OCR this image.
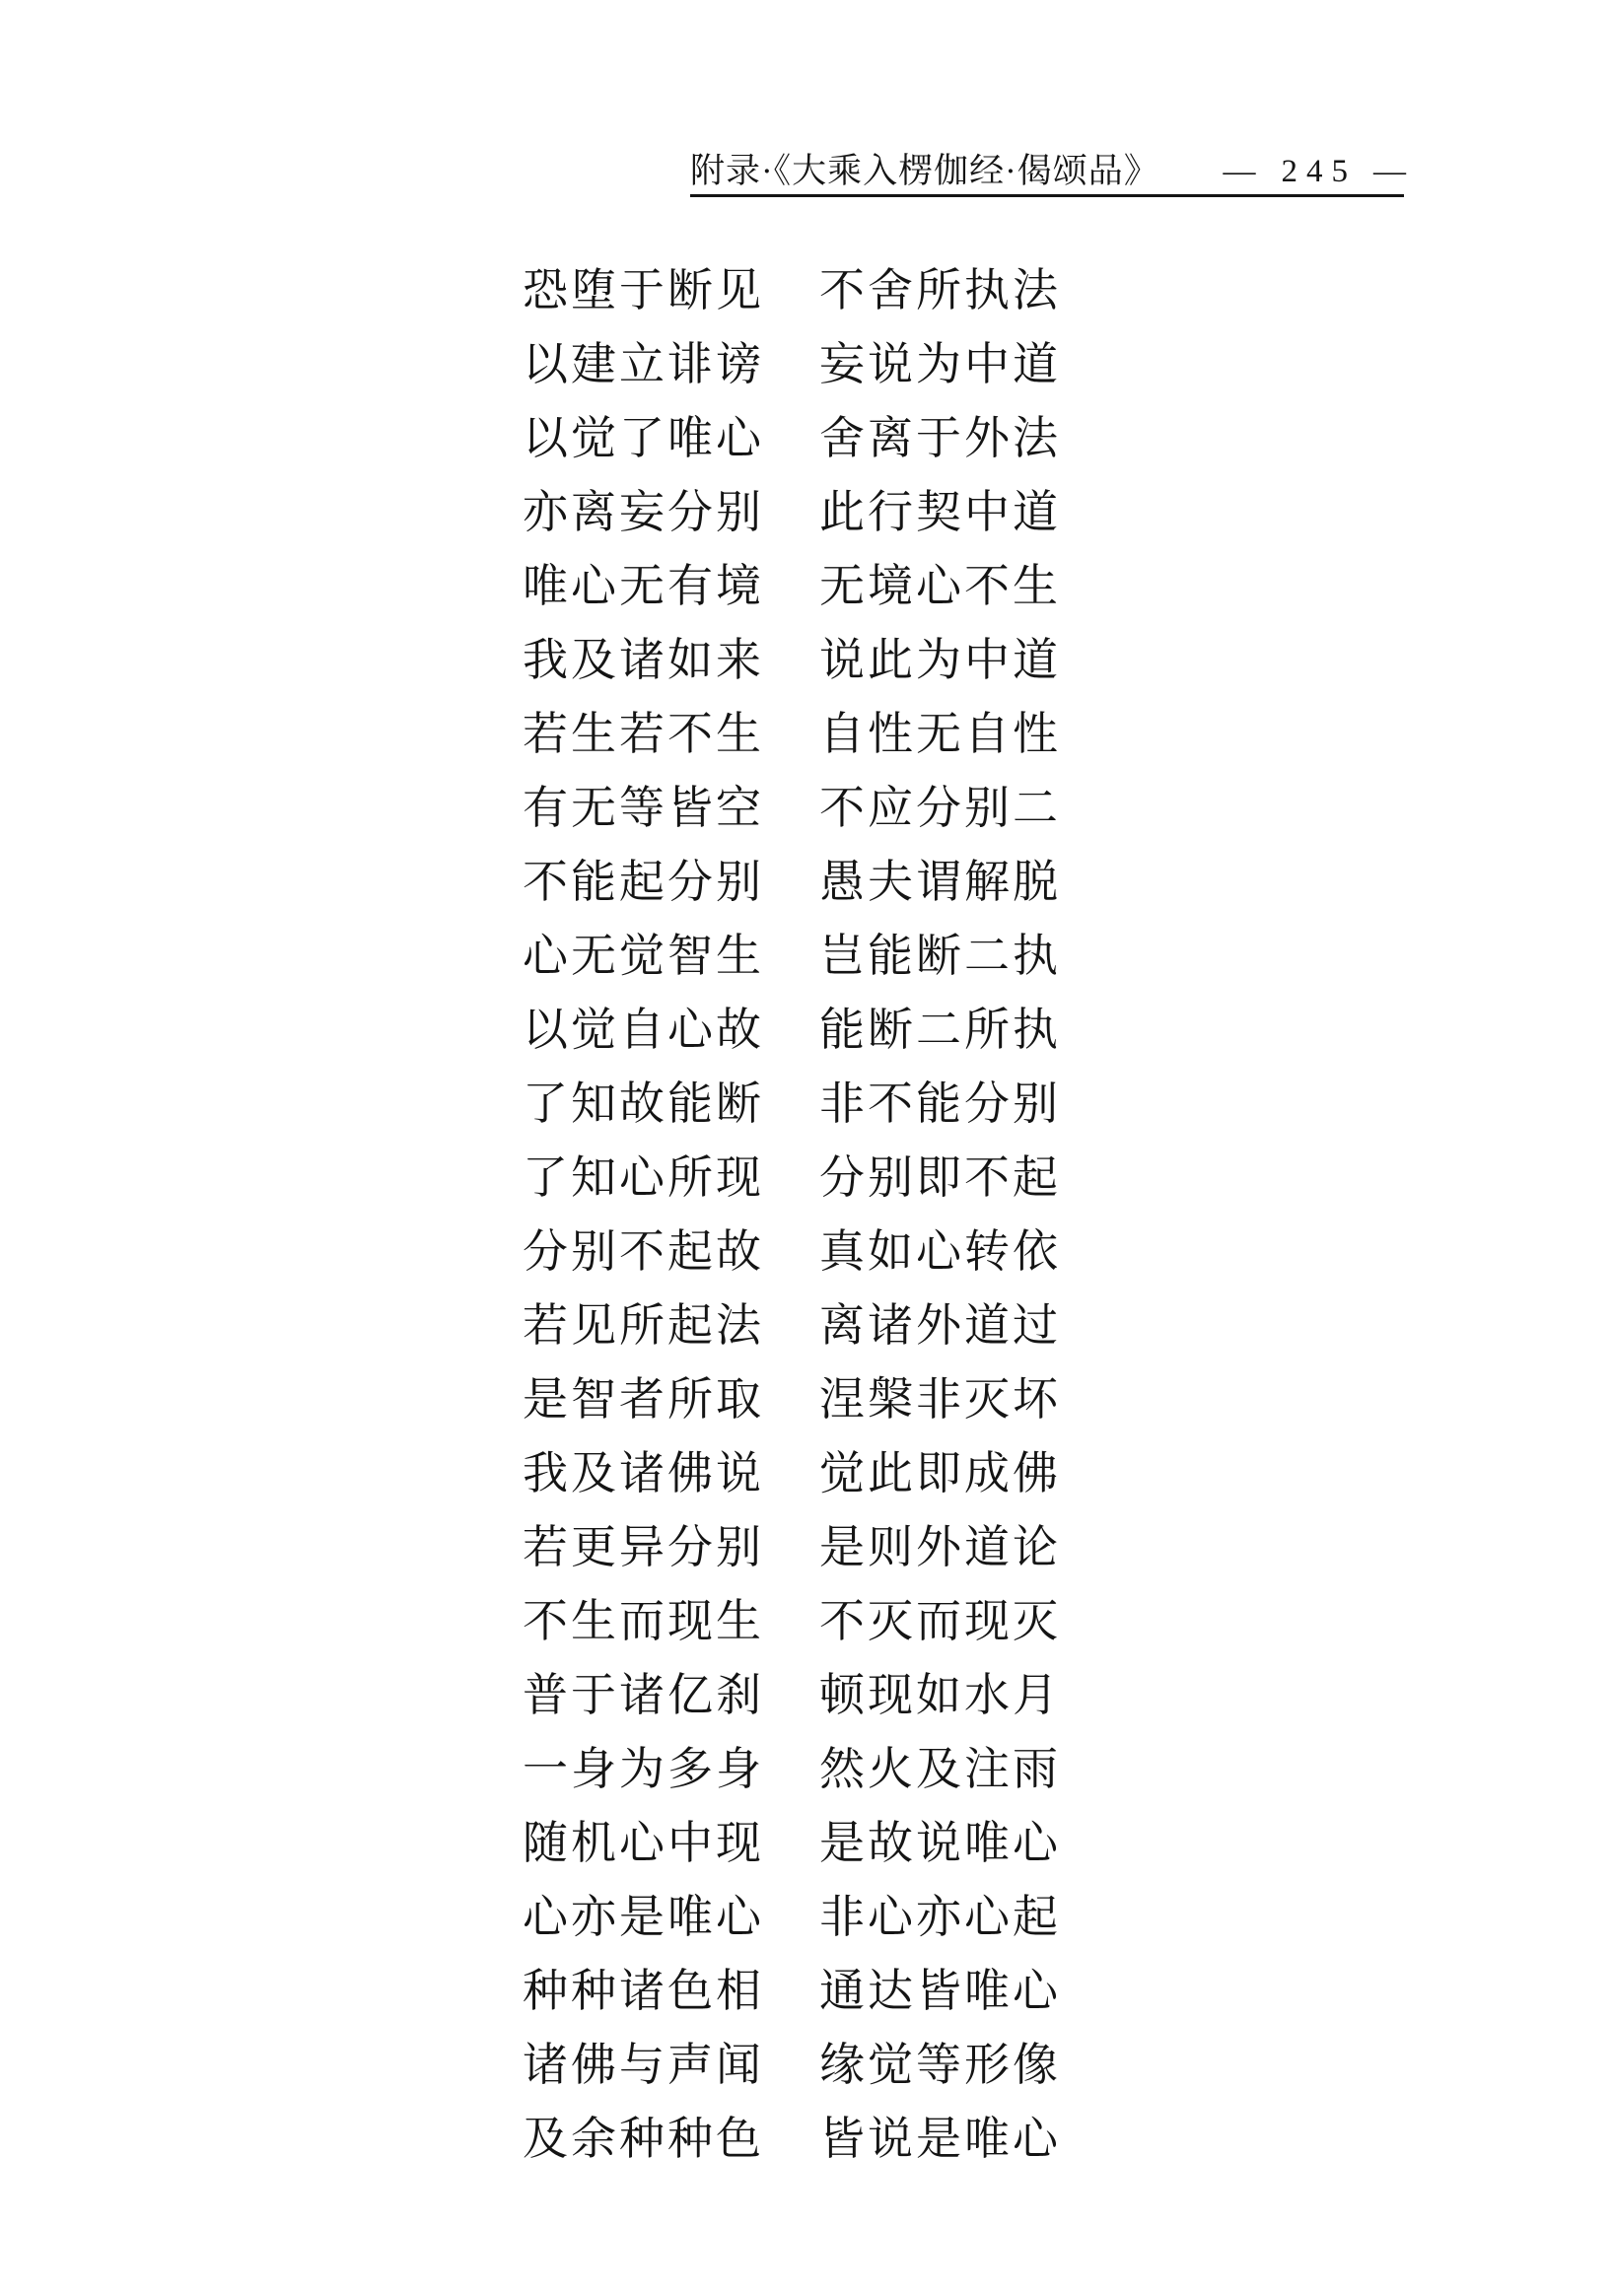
附录·《大乘入楞伽经·偈颂品》 — 245 —
恐堕于断见 不舍所执法
以建立诽谤 妄说为中道
以觉了唯心 舍离于外法
亦离妄分别 此行契中道
唯心无有境 无境心不生
我及诸如来 说此为中道
若生若不生 自性无自性
有无等皆空 不应分别二
不能起分别 愚夫谓解脱
心无觉智生 岂能断二执
以觉自心故 能断二所执
了知故能断 非不能分别
了知心所现 分别即不起
分别不起故 真如心转依
若见所起法 离诸外道过
是智者所取 涅槃非灭坏
我及诸佛说 觉此即成佛
若更异分别 是则外道论
不生而现生 不灭而现灭
普于诸亿刹 顿现如水月
一身为多身 然火及注雨
随机心中现 是故说唯心
心亦是唯心 非心亦心起
种种诸色相 通达皆唯心
诸佛与声闻 缘觉等形像
及余种种色 皆说是唯心
